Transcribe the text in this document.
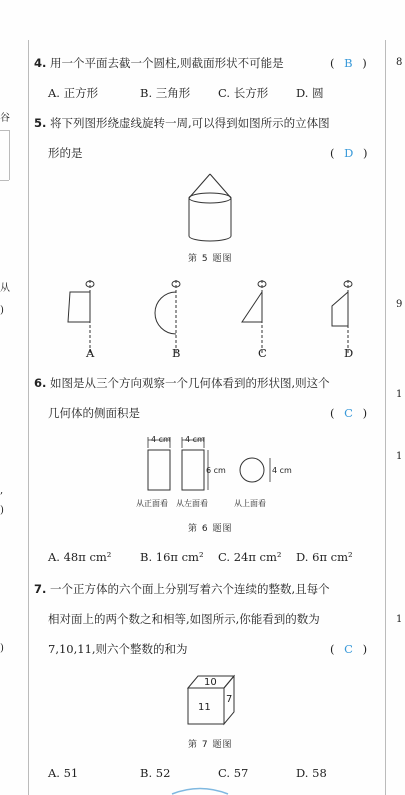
谷
从
)
,
)
)
8
9
1
1
1
4. 用一个平面去截一个圆柱,则截面形状不可能是	( B )
A. 正方形	B. 三角形 C. 长方形 D. 圆
5. 将下列图形绕虚线旋转一周,可以得到如图所示的立体图
形的是	( D )
第 5 题图
A	B	C	D
6. 如图是从三个方向观察一个几何体看到的形状图,则这个
几何体的侧面积是	( C )
4 cm 4 cm
6 cm	4 cm
从正面看 从左面看	从上面看
第 6 题图
A. 48π cm² B. 16π cm² C. 24π cm² D. 6π cm²
7. 一个正方体的六个面上分别写着六个连续的整数,且每个
相对面上的两个数之和相等,如图所示,你能看到的数为
7,10,11,则六个整数的和为	( C )
10
11
7
第 7 题图
A. 51	B. 52	C. 57	D. 58
